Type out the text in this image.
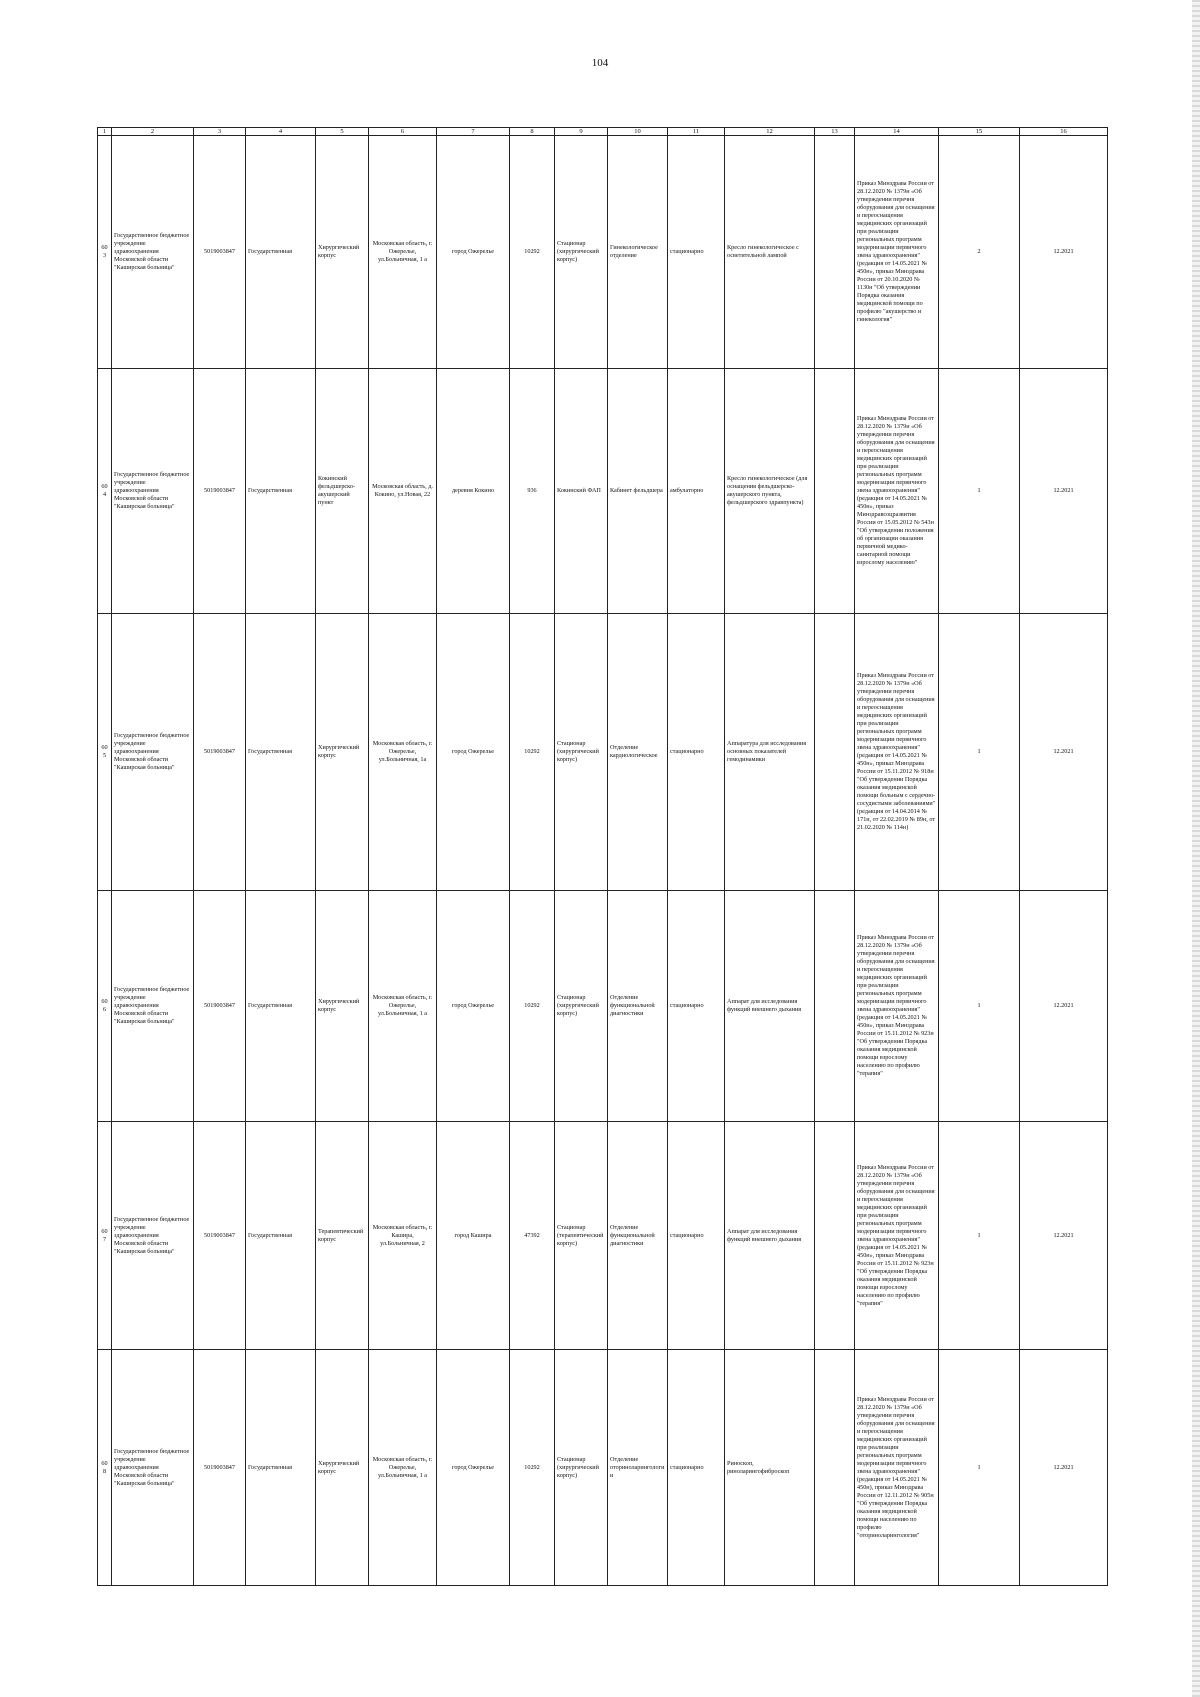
104
1	2	3	4	5	6	7	8	9	10	11	12	13	14	15	16
603	Государственное бюджетное учреждение здравоохранения Московской области "Каширская больница"	5019003847	Государственная	Хирургический корпус	Московская область, г. Ожерелье, ул.Больничная, 1 а	город Ожерелье	10292	Стационар (хирургический корпус)	Гинекологическое отделение	стационарно	Кресло гинекологическое с осветительной лампой		Приказ Минздрава России от 28.12.2020 № 1379н «Об утверждении перечня оборудования для оснащения и переоснащения медицинских организаций при реализации региональных программ модернизации первичного звена здравоохранения"(редакция от 14.05.2021 № 450н», приказ Минздрава России от 20.10.2020 № 1130н "Об утверждении Порядка оказания медицинской помощи по профилю "акушерство и гинекология"	2	12.2021
604	Государственное бюджетное учреждение здравоохранения Московской области "Каширская больница"	5019003847	Государственная	Кокинский фельдшерско-акушерский пункт	Московская область, д. Кокино, ул.Новая, 22	деревня Кокино	936	Кокинский ФАП	Кабинет фельдшера	амбулаторно	Кресло гинекологическое (для оснащения фельдшерско-акушерского пункта, фельдшерского здравпункта)		Приказ Минздрава России от 28.12.2020 № 1379н «Об утверждении перечня оборудования для оснащения и переоснащения медицинских организаций при реализации региональных программ модернизации первичного звена здравоохранения"(редакция от 14.05.2021 № 450н», приказ Минздравсоцразвития России от 15.05.2012 № 543н "Об утверждении положения об организации оказания первичной медико-санитарной помощи взрослому населению"	1	12.2021
605	Государственное бюджетное учреждение здравоохранения Московской области "Каширская больница"	5019003847	Государственная	Хирургический корпус	Московская область, г. Ожерелье, ул.Больничная, 1а	город Ожерелье	10292	Стационар (хирургический корпус)	Отделение кардиологическое	стационарно	Аппаратура для исследования основных показателей гемодинамики		Приказ Минздрава России от 28.12.2020 № 1379н «Об утверждении перечня оборудования для оснащения и переоснащения медицинских организаций при реализации региональных программ модернизации первичного звена здравоохранения"(редакция от 14.05.2021 № 450н», приказ Минздрава России от 15.11.2012 № 918н "Об утверждении Порядка оказания медицинской помощи больным с сердечно-сосудистыми заболеваниями" (редакция от 14.04.2014 № 171н, от 22.02.2019 № 89н, от 21.02.2020 № 114н)	1	12.2021
606	Государственное бюджетное учреждение здравоохранения Московской области "Каширская больница"	5019003847	Государственная	Хирургический корпус	Московская область, г. Ожерелье, ул.Больничная, 1 а	город Ожерелье	10292	Стационар (хирургический корпус)	Отделение функциональной диагностики	стационарно	Аппарат для исследования функций внешнего дыхания		Приказ Минздрава России от 28.12.2020 № 1379н «Об утверждении перечня оборудования для оснащения и переоснащения медицинских организаций при реализации региональных программ модернизации первичного звена здравоохранения"(редакция от 14.05.2021 № 450н», приказ Минздрава России от 15.11.2012 № 923н "Об утверждении Порядка оказания медицинской помощи взрослому населению по профилю "терапия"	1	12.2021
607	Государственное бюджетное учреждение здравоохранения Московской области "Каширская больница"	5019003847	Государственная	Терапевтический корпус	Московская область, г. Кашира, ул.Больничная, 2	город Кашира	47392	Стационар (терапевтический корпус)	Отделение функциональной диагностики	стационарно	Аппарат для исследования функций внешнего дыхания		Приказ Минздрава России от 28.12.2020 № 1379н «Об утверждении перечня оборудования для оснащения и переоснащения медицинских организаций при реализации региональных программ модернизации первичного звена здравоохранения"(редакция от 14.05.2021 № 450н», приказ Минздрава России от 15.11.2012 № 923н "Об утверждении Порядка оказания медицинской помощи взрослому населению по профилю "терапия"	1	12.2021
608	Государственное бюджетное учреждение здравоохранения Московской области "Каширская больница"	5019003847	Государственная	Хирургический корпус	Московская область, г. Ожерелье, ул.Больничная, 1 а	город Ожерелье	10292	Стационар (хирургический корпус)	Отделение оториноларингологии	стационарно	Риноскоп, риноларингофиброскоп		Приказ Минздрава России от 28.12.2020 № 1379н «Об утверждении перечня оборудования для оснащения и переоснащения медицинских организаций при реализации региональных программ модернизации первичного звена здравоохранения"(редакция от 14.05.2021 № 450н), приказ Минздрава России от 12.11.2012 № 905н "Об утверждении Порядка оказания медицинской помощи населению по профилю "оториноларингология"	1	12.2021
